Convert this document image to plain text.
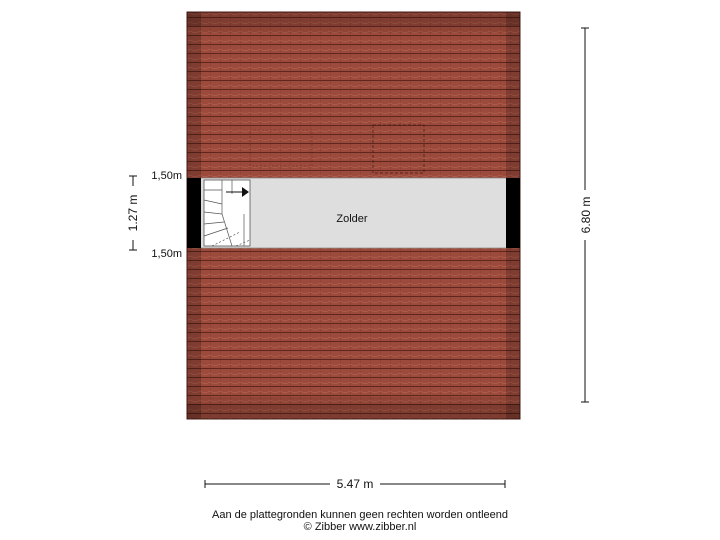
Zolder
1,50m
1,50m
1.27 m	6.80 m
5.47 m
Aan de plattegronden kunnen geen rechten worden ontleend
© Zibber www.zibber.nl
